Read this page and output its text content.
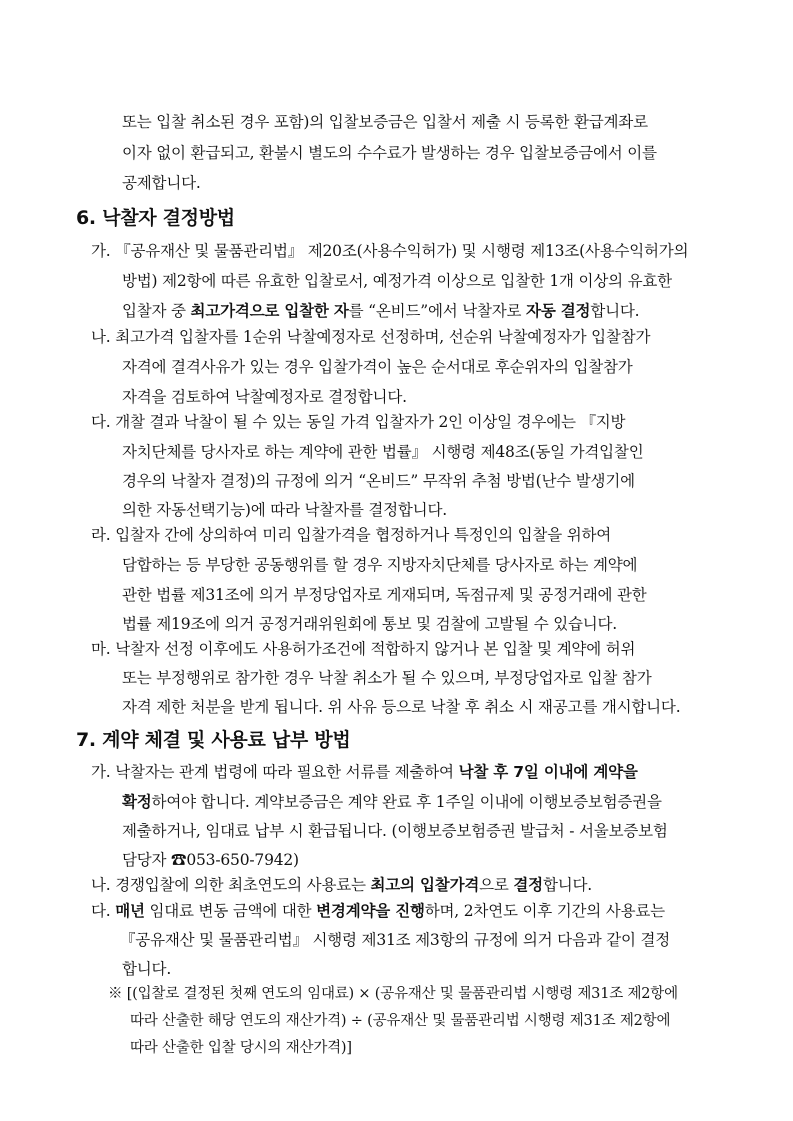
또는 입찰 취소된 경우 포함)의 입찰보증금은 입찰서 제출 시 등록한 환급계좌로
이자 없이 환급되고, 환불시 별도의 수수료가 발생하는 경우 입찰보증금에서 이를
공제합니다.
6. 낙찰자 결정방법
가. 『공유재산 및 물품관리법』 제20조(사용수익허가) 및 시행령 제13조(사용수익허가의
방법) 제2항에 따른 유효한 입찰로서, 예정가격 이상으로 입찰한 1개 이상의 유효한
입찰자 중 최고가격으로 입찰한 자를 “온비드”에서 낙찰자로 자동 결정합니다.
나. 최고가격 입찰자를 1순위 낙찰예정자로 선정하며, 선순위 낙찰예정자가 입찰참가
자격에 결격사유가 있는 경우 입찰가격이 높은 순서대로 후순위자의 입찰참가
자격을 검토하여 낙찰예정자로 결정합니다.
다. 개찰 결과 낙찰이 될 수 있는 동일 가격 입찰자가 2인 이상일 경우에는 『지방
자치단체를 당사자로 하는 계약에 관한 법률』 시행령 제48조(동일 가격입찰인
경우의 낙찰자 결정)의 규정에 의거 “온비드” 무작위 추첨 방법(난수 발생기에
의한 자동선택기능)에 따라 낙찰자를 결정합니다.
라. 입찰자 간에 상의하여 미리 입찰가격을 협정하거나 특정인의 입찰을 위하여
담합하는 등 부당한 공동행위를 할 경우 지방자치단체를 당사자로 하는 계약에
관한 법률 제31조에 의거 부정당업자로 게재되며, 독점규제 및 공정거래에 관한
법률 제19조에 의거 공정거래위원회에 통보 및 검찰에 고발될 수 있습니다.
마. 낙찰자 선정 이후에도 사용허가조건에 적합하지 않거나 본 입찰 및 계약에 허위
또는 부정행위로 참가한 경우 낙찰 취소가 될 수 있으며, 부정당업자로 입찰 참가
자격 제한 처분을 받게 됩니다. 위 사유 등으로 낙찰 후 취소 시 재공고를 개시합니다.
7. 계약 체결 및 사용료 납부 방법
가. 낙찰자는 관계 법령에 따라 필요한 서류를 제출하여 낙찰 후 7일 이내에 계약을
확정하여야 합니다. 계약보증금은 계약 완료 후 1주일 이내에 이행보증보험증권을
제출하거나, 임대료 납부 시 환급됩니다. (이행보증보험증권 발급처 - 서울보증보험
담당자 ☎053-650-7942)
나. 경쟁입찰에 의한 최초연도의 사용료는 최고의 입찰가격으로 결정합니다.
다. 매년 임대료 변동 금액에 대한 변경계약을 진행하며, 2차연도 이후 기간의 사용료는
『공유재산 및 물품관리법』 시행령 제31조 제3항의 규정에 의거 다음과 같이 결정
합니다.
※ [(입찰로 결정된 첫째 연도의 임대료) × (공유재산 및 물품관리법 시행령 제31조 제2항에
따라 산출한 해당 연도의 재산가격) ÷ (공유재산 및 물품관리법 시행령 제31조 제2항에
따라 산출한 입찰 당시의 재산가격)]
